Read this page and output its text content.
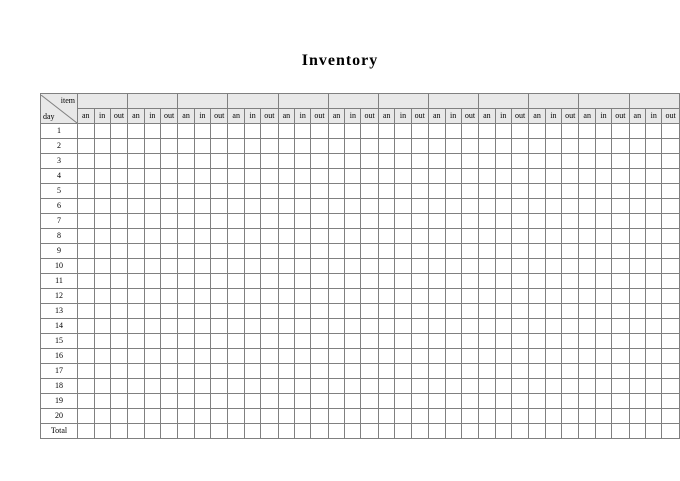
Inventory
item
day																																				

	an	in	out	an	in	out	an	in	out	an	in	out	an	in	out	an	in	out	an	in	out	an	in	out	an	in	out	an	in	out	an	in	out	an	in	out
1																																				
2																																				
3																																				
4																																				
5																																				
6																																				
7																																				
8																																				
9																																				
10																																				
11																																				
12																																				
13																																				
14																																				
15																																				
16																																				
17																																				
18																																				
19																																				
20																																				
Total																																				
